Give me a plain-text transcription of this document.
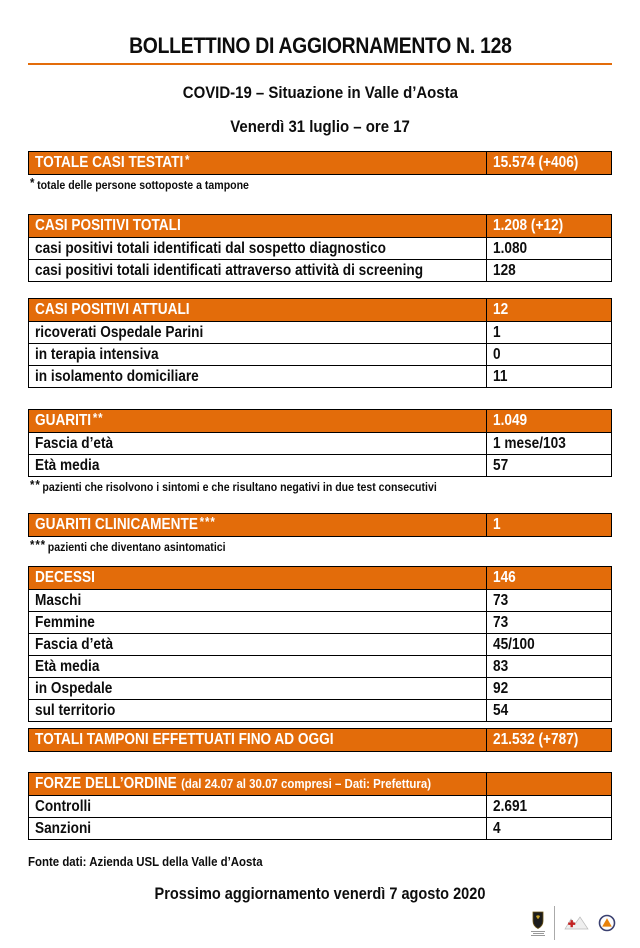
BOLLETTINO DI AGGIORNAMENTO N. 128
COVID-19 – Situazione in Valle d’Aosta
Venerdì 31 luglio – ore 17
TOTALE CASI TESTATI *	15.574 (+406)

* totale delle persone sottoposte a tampone

CASI POSITIVI TOTALI	1.208 (+12)
casi positivi totali identificati dal sospetto diagnostico	1.080
casi positivi totali identificati attraverso attività di screening	128
CASI POSITIVI ATTUALI	12
ricoverati Ospedale Parini	1
in terapia intensiva	0
in isolamento domiciliare	11
GUARITI **	1.049
Fascia d’età	1 mese/103
Età media	57

** pazienti che risolvono i sintomi e che risultano negativi in due test consecutivi

GUARITI CLINICAMENTE ***	1

*** pazienti che diventano asintomatici

DECESSI	146
Maschi	73
Femmine	73
Fascia d’età	45/100
Età media	83
in Ospedale	92
sul territorio	54
TOTALI TAMPONI EFFETTUATI FINO AD OGGI	21.532 (+787)
FORZE DELL’ORDINE (dal 24.07 al 30.07 compresi – Dati: Prefettura)
Controlli	2.691
Sanzioni	4

Fonte dati: Azienda USL della Valle d’Aosta

Prossimo aggiornamento venerdì 7 agosto 2020
